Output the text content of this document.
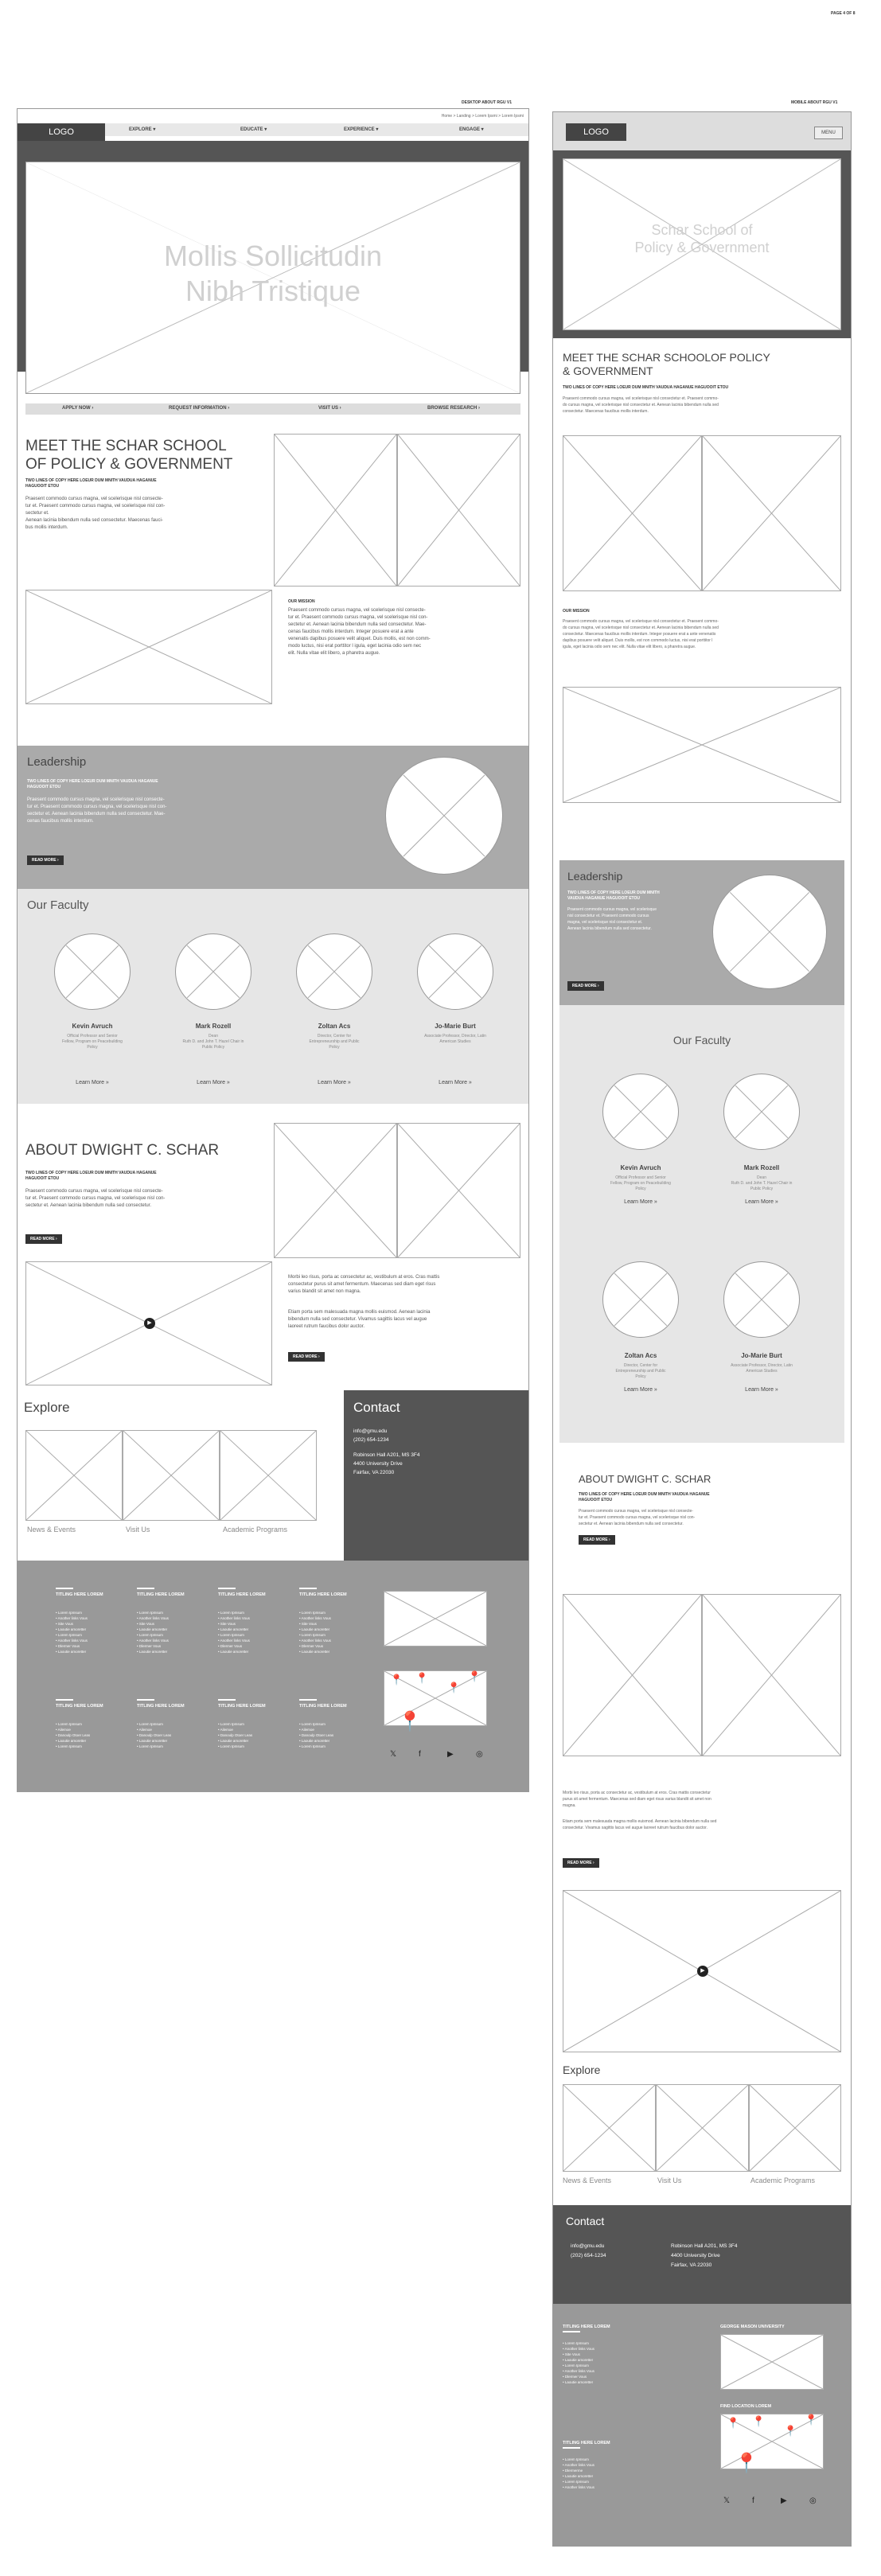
PAGE 4 OF 8
DESKTOP ABOUT RGU V1
Home > Landing > Lorem Ipsmi > Lorem Ipsmi
LOGO	EXPLORE ▾	EDUCATE ▾	EXPERIENCE ▾	ENGAGE ▾
Mollis Sollicitudin
Nibh Tristique
APPLY NOW ›	REQUEST INFORMATION ›	VISIT US ›	BROWSE RESEARCH ›
MEET THE SCHAR SCHOOL
OF POLICY & GOVERNMENT
TWO LINES OF COPY HERE LOEUR DUM MNITH VAUDUA HAGANUE
HAGUOOIT ETOU
Praesent commodo cursus magna, vel scelerisque nisl consecte-
tur et. Praesent commodo cursus magna, vel scelerisque nisl con-
sectetur et.
Aenean lacinia bibendum nulla sed consectetur. Maecenas fauci-
bus mollis interdum.
OUR MISSION
Praesent commodo cursus magna, vel scelerisque nisl consecte-
tur et. Praesent commodo cursus magna, vel scelerisque nisl con-
sectetur et. Aenean lacinia bibendum nulla sed consectetur. Mae-
cenas faucibus mollis interdum. Integer posuere erat a ante
venenatis dapibus posuere velit aliquet. Duis mollis, est non comm-
modo luctus, nisi erat porttitor l igula, eget lacinia odio sem nec
elit. Nulla vitae elit libero, a pharetra augue.
Leadership
TWO LINES OF COPY HERE LOEUR DUM MNITH VAUDUA HAGANUE
HAGUOOIT ETOU
Praesent commodo cursus magna, vel scelerisque nisl consecte-
tur et. Praesent commodo cursus magna, vel scelerisque nisl con-
sectetur et. Aenean lacinia bibendum nulla sed consectetur. Mae-
cenas faucibus mollis interdum.
READ MORE ›
Our Faculty
Kevin Avruch
Official Professor and Senior
Fellow, Program on Peacebuilding
Policy
Learn More »
Mark Rozell
Dean
Ruth D. and John T. Hazel Chair in
Public Policy
Learn More »
Zoltan Acs
Director, Center for
Entrepreneurship and Public
Policy
Learn More »
Jo-Marie Burt
Associate Professor, Director, Latin
American Studies
Learn More »
ABOUT DWIGHT C. SCHAR
TWO LINES OF COPY HERE LOEUR DUM MNITH VAUDUA HAGANUE
HAGUOOIT ETOU
Praesent commodo cursus magna, vel scelerisque nisl consecte-
tur et. Praesent commodo cursus magna, vel scelerisque nisl con-
sectetur et. Aenean lacinia bibendum nulla sed consectetur.
READ MORE ›
▶
Morbi leo risus, porta ac consectetur ac, vestibulum at eros. Cras mattis
consectetur purus sit amet fermentum. Maecenas sed diam eget risus
varius blandit sit amet non magna.
Etiam porta sem malesuada magna mollis euismod. Aenean lacinia
bibendum nulla sed consectetur. Vivamus sagittis lacus vel augue
laoreet rutrum faucibus dolor auctor.
READ MORE ›
Explore
News & Events	Visit Us	Academic Programs
Contact
info@gmu.edu
(202) 654-1234
Robinson Hall A201, MS 3F4
4400 University Drive
Fairfax, VA 22030
TITLING HERE LOREM
• Lorem Ipmsum
• Another links Vous
• Site Vous
• Laoutie amoretter
• Lorem Ipmsum
• Another links Vous
• Dlermer Vous
• Laoutie amoretter
TITLING HERE LOREM
• Lorem Ipmsum
• Another links Vous
• Site Vous
• Laoutie amoretter
• Lorem Ipmsum
• Another links Vous
• Dlermer Vous
• Laoutie amoretter
TITLING HERE LOREM
• Lorem Ipmsum
• Another links Vous
• Site Vous
• Laoutie amoretter
• Lorem Ipmsum
• Another links Vous
• Dlermer Vous
• Laoutie amoretter
TITLING HERE LOREM
• Lorem Ipmsum
• Another links Vous
• Site Vous
• Laoutie amoretter
• Lorem Ipmsum
• Another links Vous
• Dlermer Vous
• Laoutie amoretter
TITLING HERE LOREM
• Lorem Ipmsum
• Ailemoe
• Danoulp Otoer Leas
• Laoutie amoretter
• Lorem Ipmsum
TITLING HERE LOREM
• Lorem Ipmsum
• Ailemoe
• Danoulp Otoer Leas
• Laoutie amoretter
• Lorem Ipmsum
TITLING HERE LOREM
• Lorem Ipmsum
• Ailemoe
• Danoulp Otoer Leas
• Laoutie amoretter
• Lorem Ipmsum
TITLING HERE LOREM
• Lorem Ipmsum
• Ailemoe
• Danoulp Otoer Leas
• Laoutie amoretter
• Lorem Ipmsum
📍 📍
📍
📍
📍
𝕏	f	▶	◎
MOBILE ABOUT RGU V1
LOGO	MENU
Schar School of
Policy & Government
MEET THE SCHAR SCHOOLOF POLICY
& GOVERNMENT
TWO LINES OF COPY HERE LOEUR DUM MNITH VAUDUA HAGANUE HAGUOOIT ETOU
Praesent commodo cursus magna, vel scelerisque nisl consectetur et. Praesent commo-
do cursus magna, vel scelerisque nisl consectetur et. Aenean lacinia bibendum nulla sed
consectetur. Maecenas faucibus mollis interdum.
OUR MISSION
Praesent commodo cursus magna, vel scelerisque nisl consectetur et. Praesent commo-
do cursus magna, vel scelerisque nisl consectetur et. Aenean lacinia bibendum nulla sed
consectetur. Maecenas faucibus mollis interdum. Integer posuere erat a ante venenatis
dapibus posuere velit aliquet. Duis mollis, est non commodo luctus, nisi erat porttitor l
igula, eget lacinia odio sem nec elit. Nulla vitae elit libero, a pharetra augue.
Leadership
TWO LINES OF COPY HERE LOEUR DUM MNITH
VAUDUA HAGANUE HAGUOOIT ETOU
Praesent commodo cursus magna, vel scelerisque
nisl consectetur et. Praesent commodo cursus
magna, vel scelerisque nisl consectetur et.
Aenean lacinia bibendum nulla sed consectetur.
READ MORE ›
Our Faculty
Kevin Avruch
Official Professor and Senior
Fellow, Program on Peacebuilding
Policy
Learn More »
Mark Rozell
Dean
Ruth D. and John T. Hazel Chair in
Public Policy
Learn More »
Zoltan Acs
Director, Center for
Entrepreneurship and Public
Policy
Learn More »
Jo-Marie Burt
Associate Professor, Director, Latin
American Studies
Learn More »
ABOUT DWIGHT C. SCHAR
TWO LINES OF COPY HERE LOEUR DUM MNITH VAUDUA HAGANUE
HAGUOOIT ETOU
Praesent commodo cursus magna, vel scelerisque nisl consecte-
tur et. Praesent commodo cursus magna, vel scelerisque nisl con-
sectetur et. Aenean lacinia bibendum nulla sed consectetur.
READ MORE ›
Morbi leo risus, porta ac consectetur ac, vestibulum at eros. Cras mattis consectetur
purus sit amet fermentum. Maecenas sed diam eget risus varius blandit sit amet non
magna.
Etiam porta sem malesuada magna mollis euismod. Aenean lacinia bibendum nulla sed
consectetur. Vivamus sagittis lacus vel augue laoreet rutrum faucibus dolor auctor.
READ MORE ›
▶
Explore
News & Events	Visit Us	Academic Programs
Contact
info@gmu.edu
(202) 654-1234
Robinson Hall A201, MS 3F4
4400 University Drive
Fairfax, VA 22030
TITLING HERE LOREM
• Lorem Ipmsum
• Another links Vous
• Site Vous
• Laoutie amoretter
• Lorem Ipmsum
• Another links Vous
• Dlermer Vous
• Laoutie amoretter
TITLING HERE LOREM
• Lorem Ipmsum
• Another links Vous
• Dlermerme
• Laoutie amoretter
• Lorem Ipmsum
• Another links Vous
GEORGE MASON UNIVERSITY
FIND LOCATION LOREM
📍 📍
📍
📍
📍
𝕏	f	▶	◎
